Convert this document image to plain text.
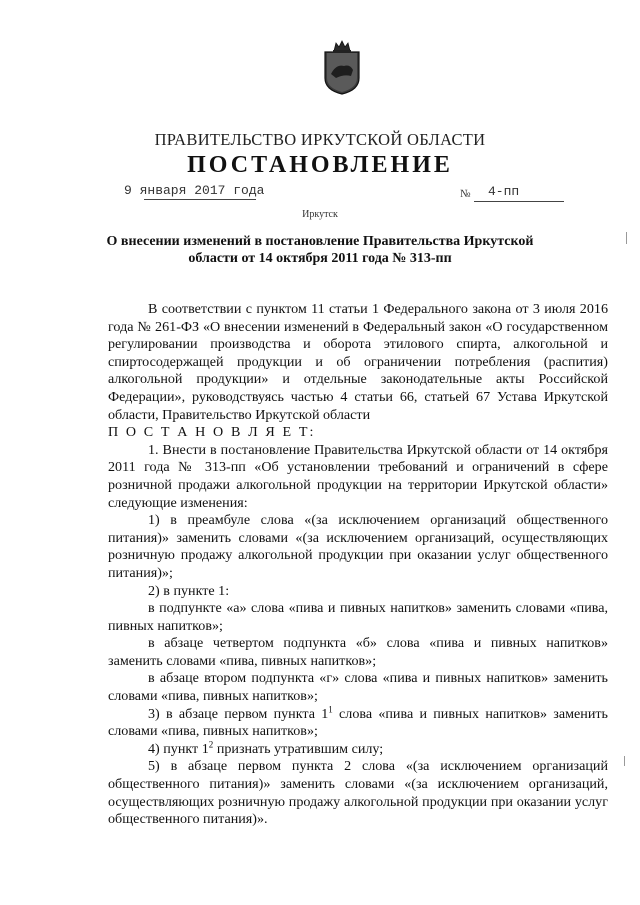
ПРАВИТЕЛЬСТВО ИРКУТСКОЙ ОБЛАСТИ
ПОСТАНОВЛЕНИЕ
9 января 2017 года	№ 4-пп
Иркутск
О внесении изменений в постановление Правительства Иркутской области от 14 октября 2011 года № 313-пп

В соответствии с пунктом 11 статьи 1 Федерального закона от 3 июля 2016 года № 261-ФЗ «О внесении изменений в Федеральный закон «О государственном регулировании производства и оборота этилового спирта, алкогольной и спиртосодержащей продукции и об ограничении потребления (распития) алкогольной продукции» и отдельные законодательные акты Российской Федерации», руководствуясь частью 4 статьи 66, статьей 67 Устава Иркутской области, Правительство Иркутской области

П О С Т А Н О В Л Я Е Т:

1. Внести в постановление Правительства Иркутской области от 14 октября 2011 года № 313-пп «Об установлении требований и ограничений в сфере розничной продажи алкогольной продукции на территории Иркутской области» следующие изменения:

1) в преамбуле слова «(за исключением организаций общественного питания)» заменить словами «(за исключением организаций, осуществляющих розничную продажу алкогольной продукции при оказании услуг общественного питания)»;

2) в пункте 1:

в подпункте «а» слова «пива и пивных напитков» заменить словами «пива, пивных напитков»;

в абзаце четвертом подпункта «б» слова «пива и пивных напитков» заменить словами «пива, пивных напитков»;

в абзаце втором подпункта «г» слова «пива и пивных напитков» заменить словами «пива, пивных напитков»;

3) в абзаце первом пункта $1^1$ слова «пива и пивных напитков» заменить словами «пива, пивных напитков»;

4) пункт $1^2$ признать утратившим силу;

5) в абзаце первом пункта 2 слова «(за исключением организаций общественного питания)» заменить словами «(за исключением организаций, осуществляющих розничную продажу алкогольной продукции при оказании услуг общественного питания)».
